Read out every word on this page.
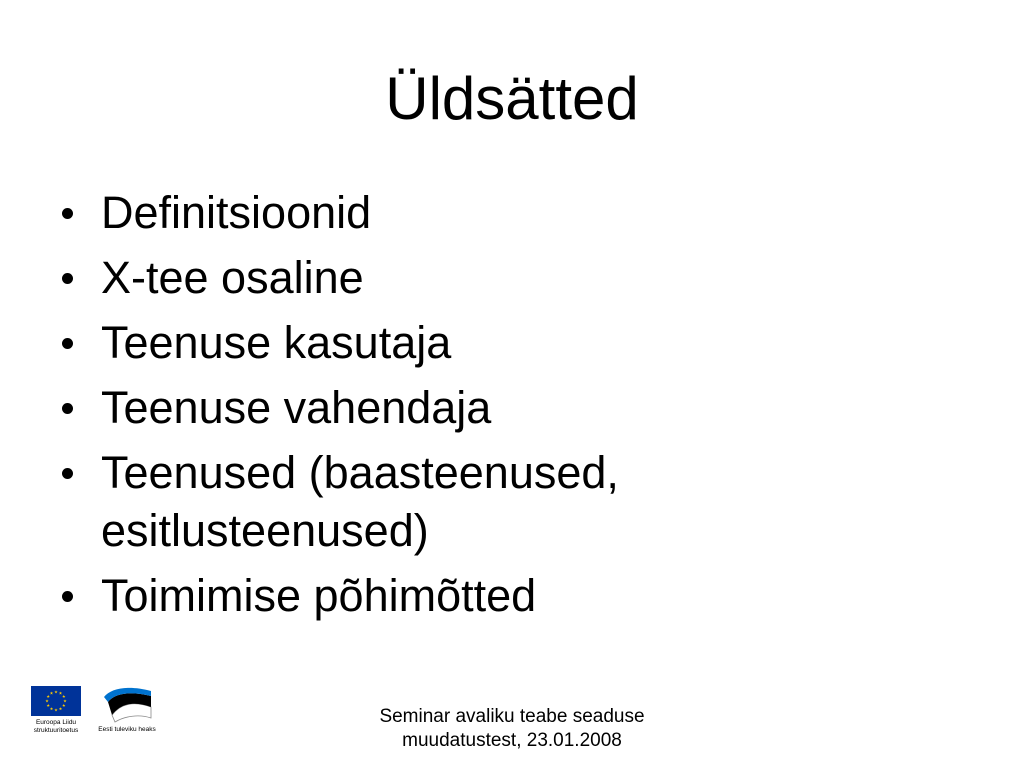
Üldsätted
Definitsioonid
X-tee osaline
Teenuse kasutaja
Teenuse vahendaja
Teenused (baasteenused, esitlusteenused)
Toimimise põhimõtted
Euroopa Liidu
struktuuritoetus	Eesti tuleviku heaks
Seminar avaliku teabe seaduse
muudatustest, 23.01.2008
